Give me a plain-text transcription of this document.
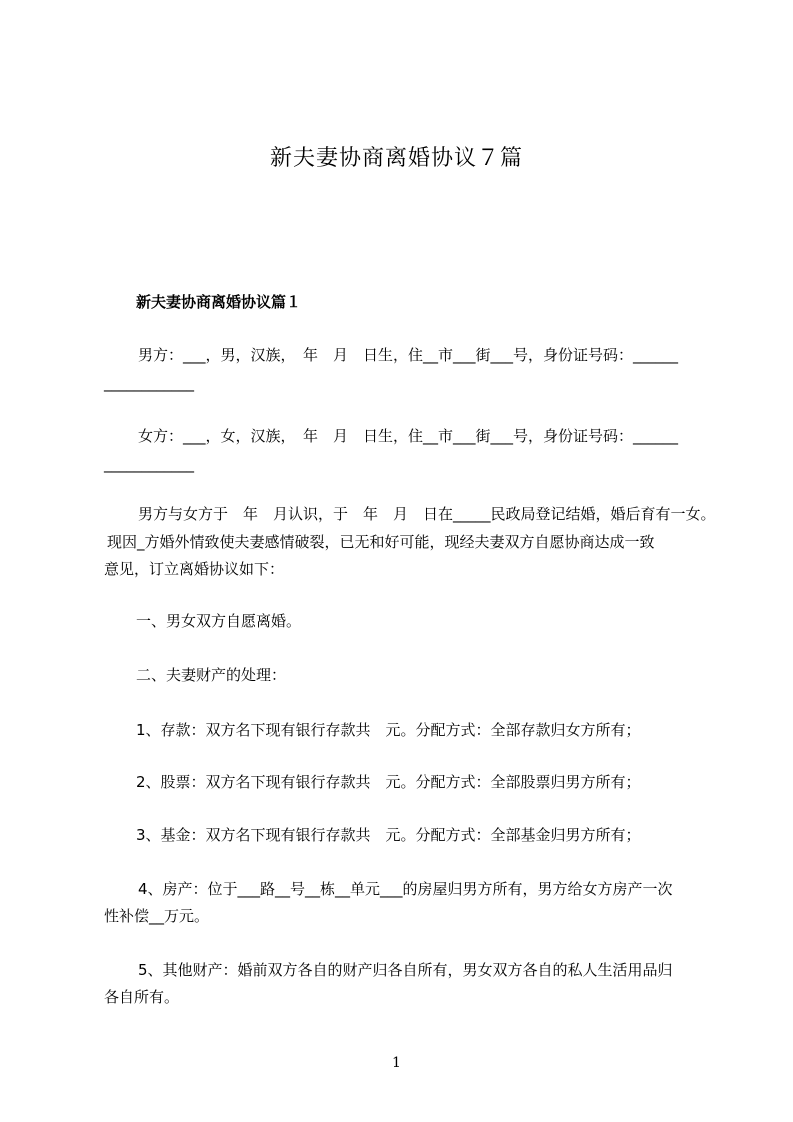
新夫妻协商离婚协议７篇
新夫妻协商离婚协议篇１
男方：___，男，汉族，　年　月　日生，住__市___街___号，身份证号码：______
____________
女方：___，女，汉族，　年　月　日生，住__市___街___号，身份证号码：______
____________
男方与女方于　年　月认识，于　年　月　日在_____民政局登记结婚，婚后育有一女。
现因_方婚外情致使夫妻感情破裂，已无和好可能，现经夫妻双方自愿协商达成一致
意见，订立离婚协议如下：
一、男女双方自愿离婚。
二、夫妻财产的处理：
1、存款：双方名下现有银行存款共　元。分配方式：全部存款归女方所有；
2、股票：双方名下现有银行存款共　元。分配方式：全部股票归男方所有；
3、基金：双方名下现有银行存款共　元。分配方式：全部基金归男方所有；
4、房产：位于___路__号__栋__单元___的房屋归男方所有，男方给女方房产一次
性补偿__万元。
5、其他财产：婚前双方各自的财产归各自所有，男女双方各自的私人生活用品归
各自所有。
1
